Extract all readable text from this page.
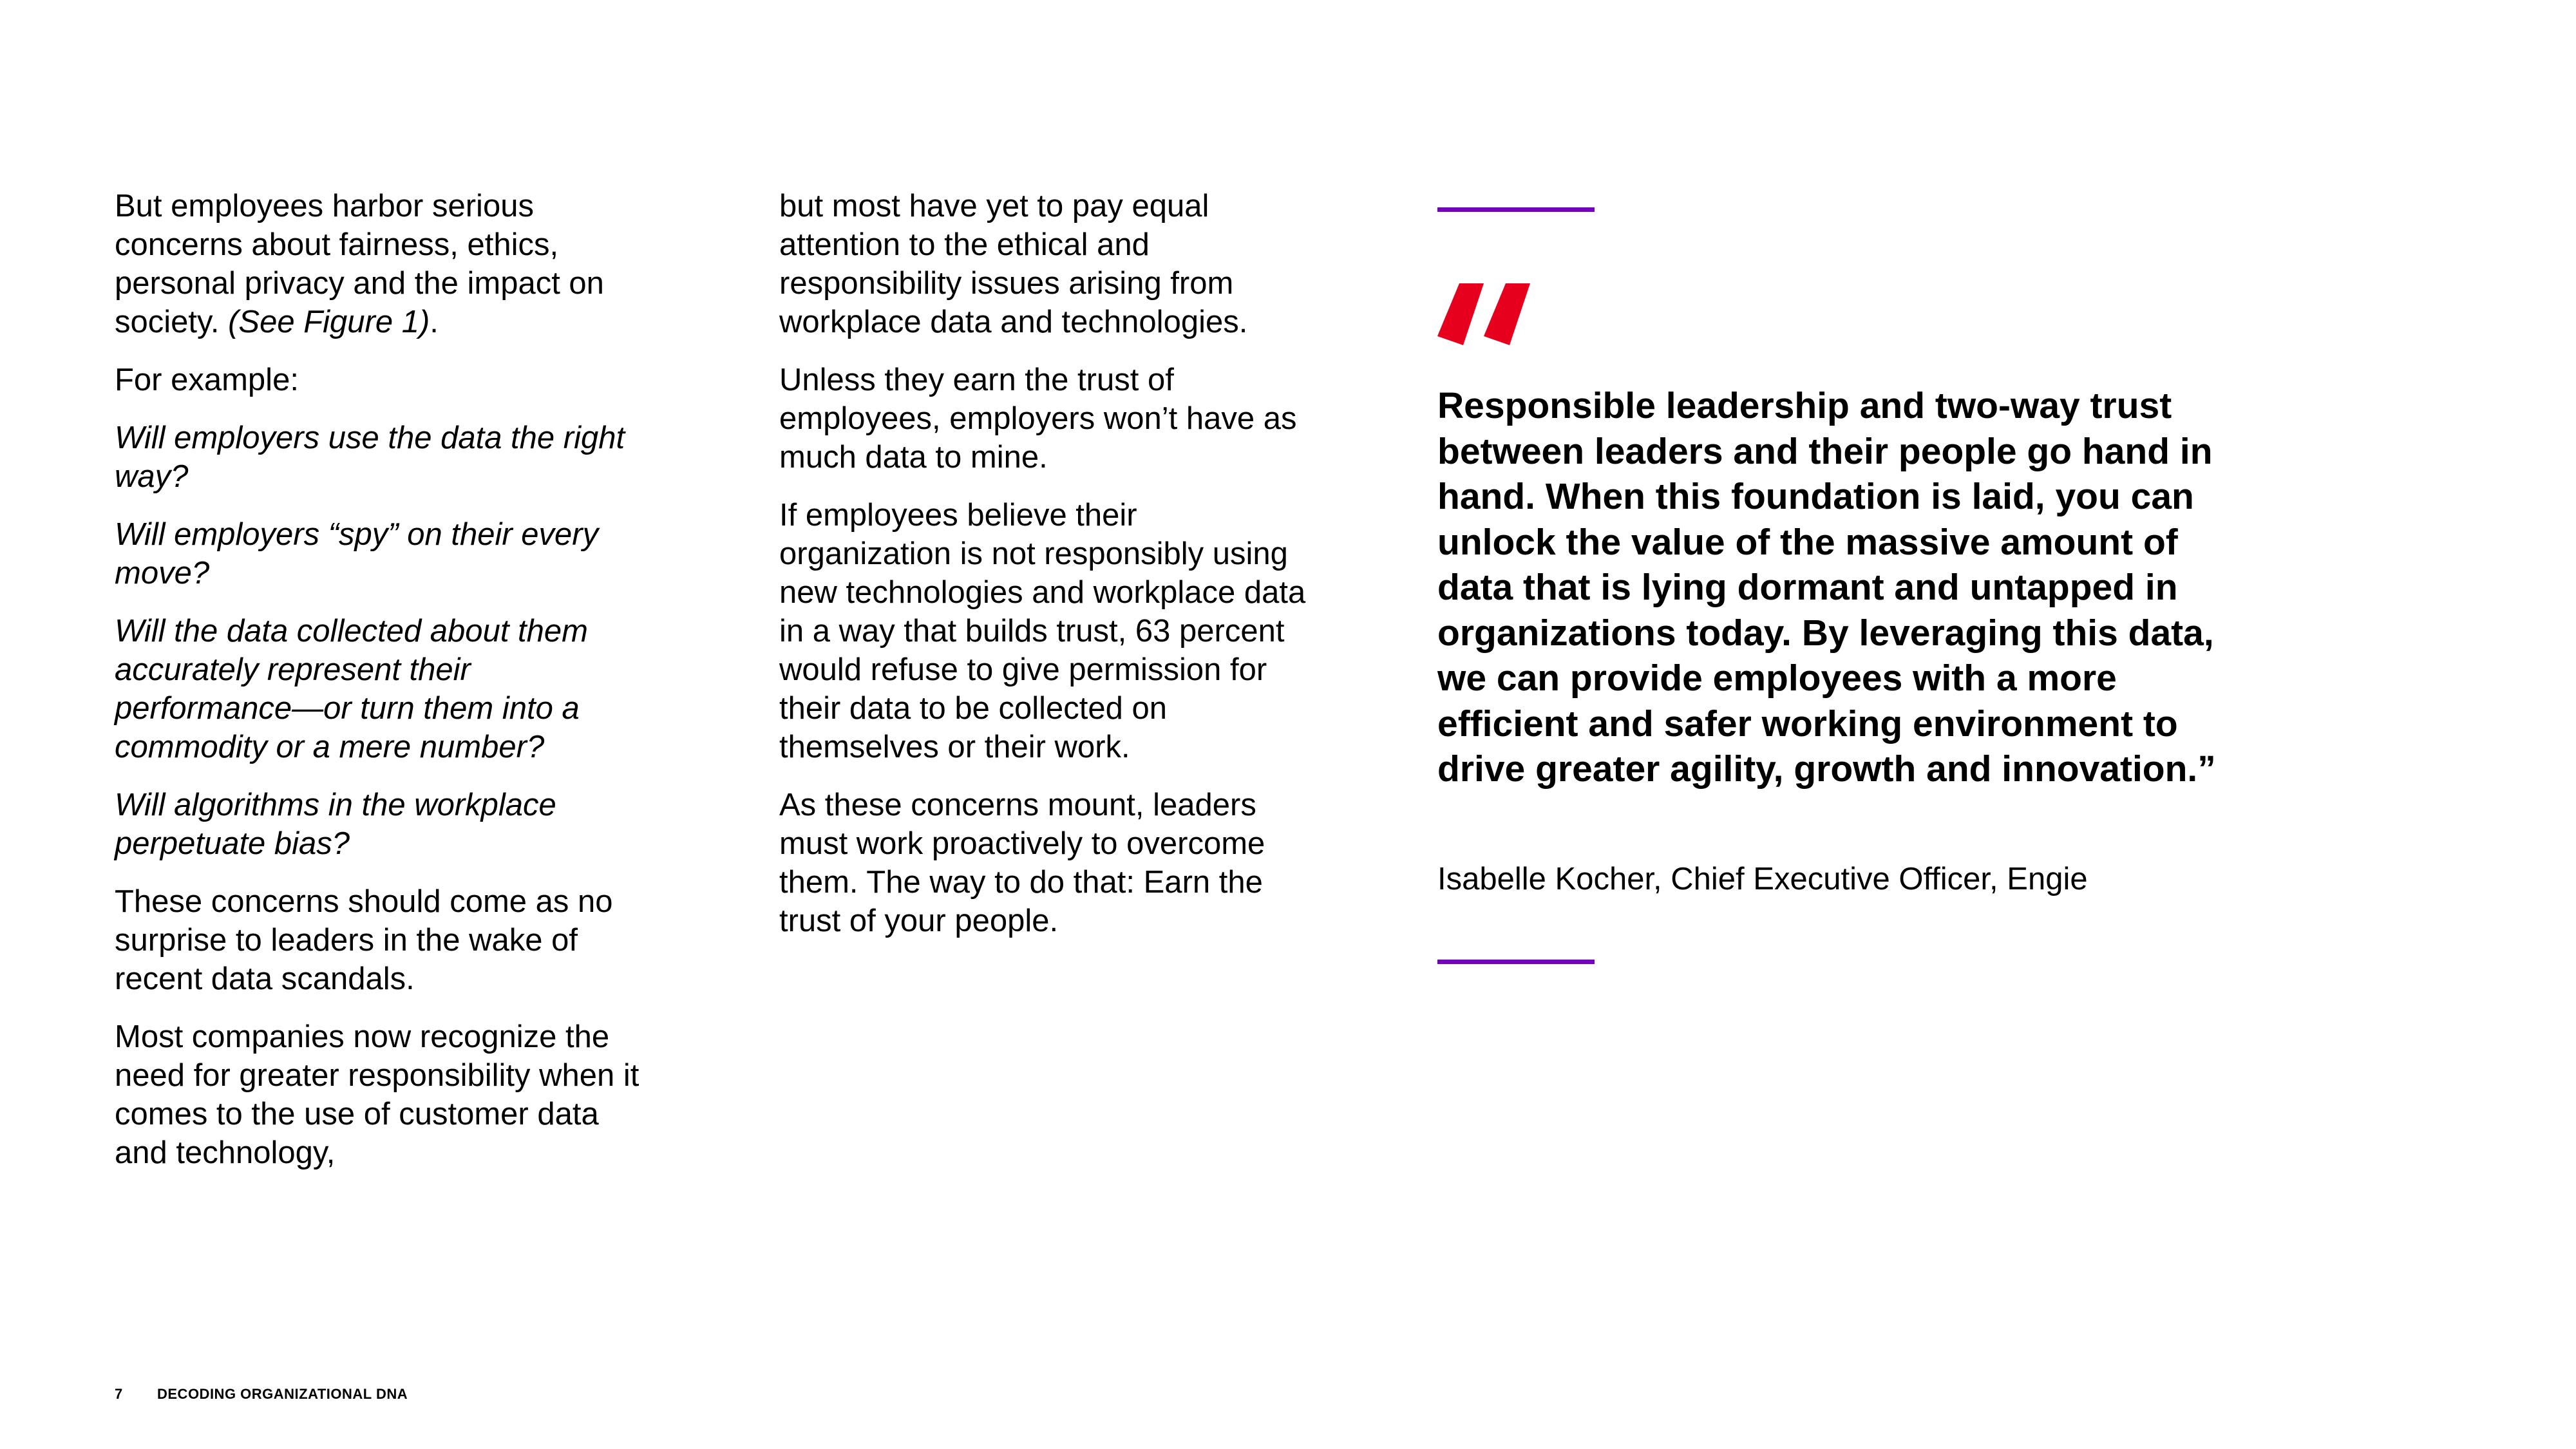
But employees harbor serious concerns about fairness, ethics, personal privacy and the impact on society. (See Figure 1).

For example:

Will employers use the data the right way?

Will employers “spy” on their every move?

Will the data collected about them accurately represent their performance—or turn them into a commodity or a mere number?

Will algorithms in the workplace perpetuate bias?

These concerns should come as no surprise to leaders in the wake of recent data scandals.

Most companies now recognize the need for greater responsibility when it comes to the use of customer data and technology,

but most have yet to pay equal attention to the ethical and responsibility issues arising from workplace data and technologies.

Unless they earn the trust of employees, employers won’t have as much data to mine.

If employees believe their organization is not responsibly using new technologies and workplace data in a way that builds trust, 63 percent would refuse to give permission for their data to be collected on themselves or their work.

As these concerns mount, leaders must work proactively to overcome them. The way to do that: Earn the trust of your people.

Responsible leadership and two-way trust between leaders and their people go hand in hand. When this foundation is laid, you can unlock the value of the massive amount of data that is lying dormant and untapped in organizations today. By leveraging this data, we can provide employees with a more efficient and safer working environment to drive greater agility, growth and innovation.”

Isabelle Kocher, Chief Executive Officer, Engie

7 DECODING ORGANIZATIONAL DNA
